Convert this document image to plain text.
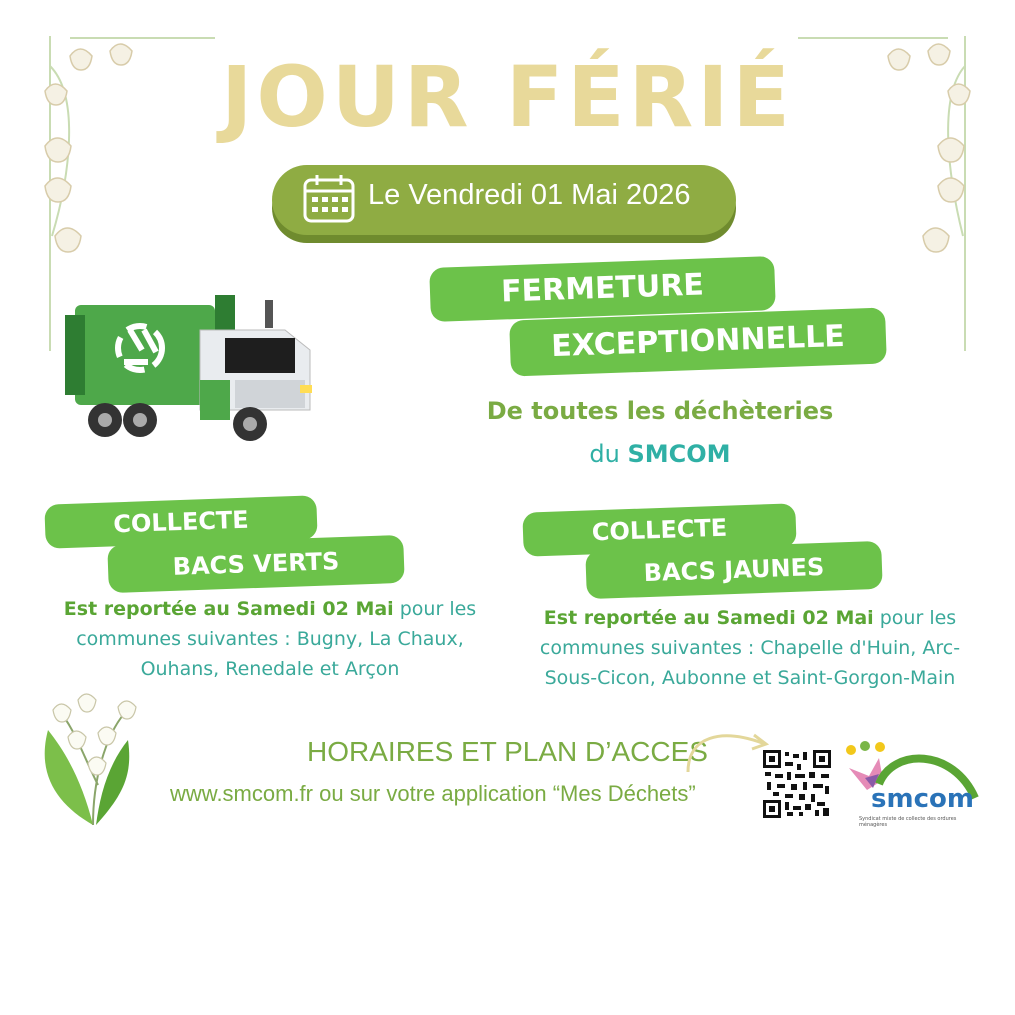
JOUR FÉRIÉ
Le Vendredi 01 Mai 2026
FERMETURE
EXCEPTIONNELLE
De toutes les déchèteries
du SMCOM
COLLECTE
BACS VERTS
Est reportée au Samedi 02 Mai pour les communes suivantes : Bugny, La Chaux, Ouhans, Renedale et Arçon
COLLECTE
BACS JAUNES
Est reportée au Samedi 02 Mai pour les communes suivantes : Chapelle d'Huin, Arc-Sous-Cicon, Aubonne et Saint-Gorgon-Main
HORAIRES ET PLAN D’ACCES
www.smcom.fr ou sur votre application “Mes Déchets”	smcom
Syndicat mixte de collecte des ordures ménagères
